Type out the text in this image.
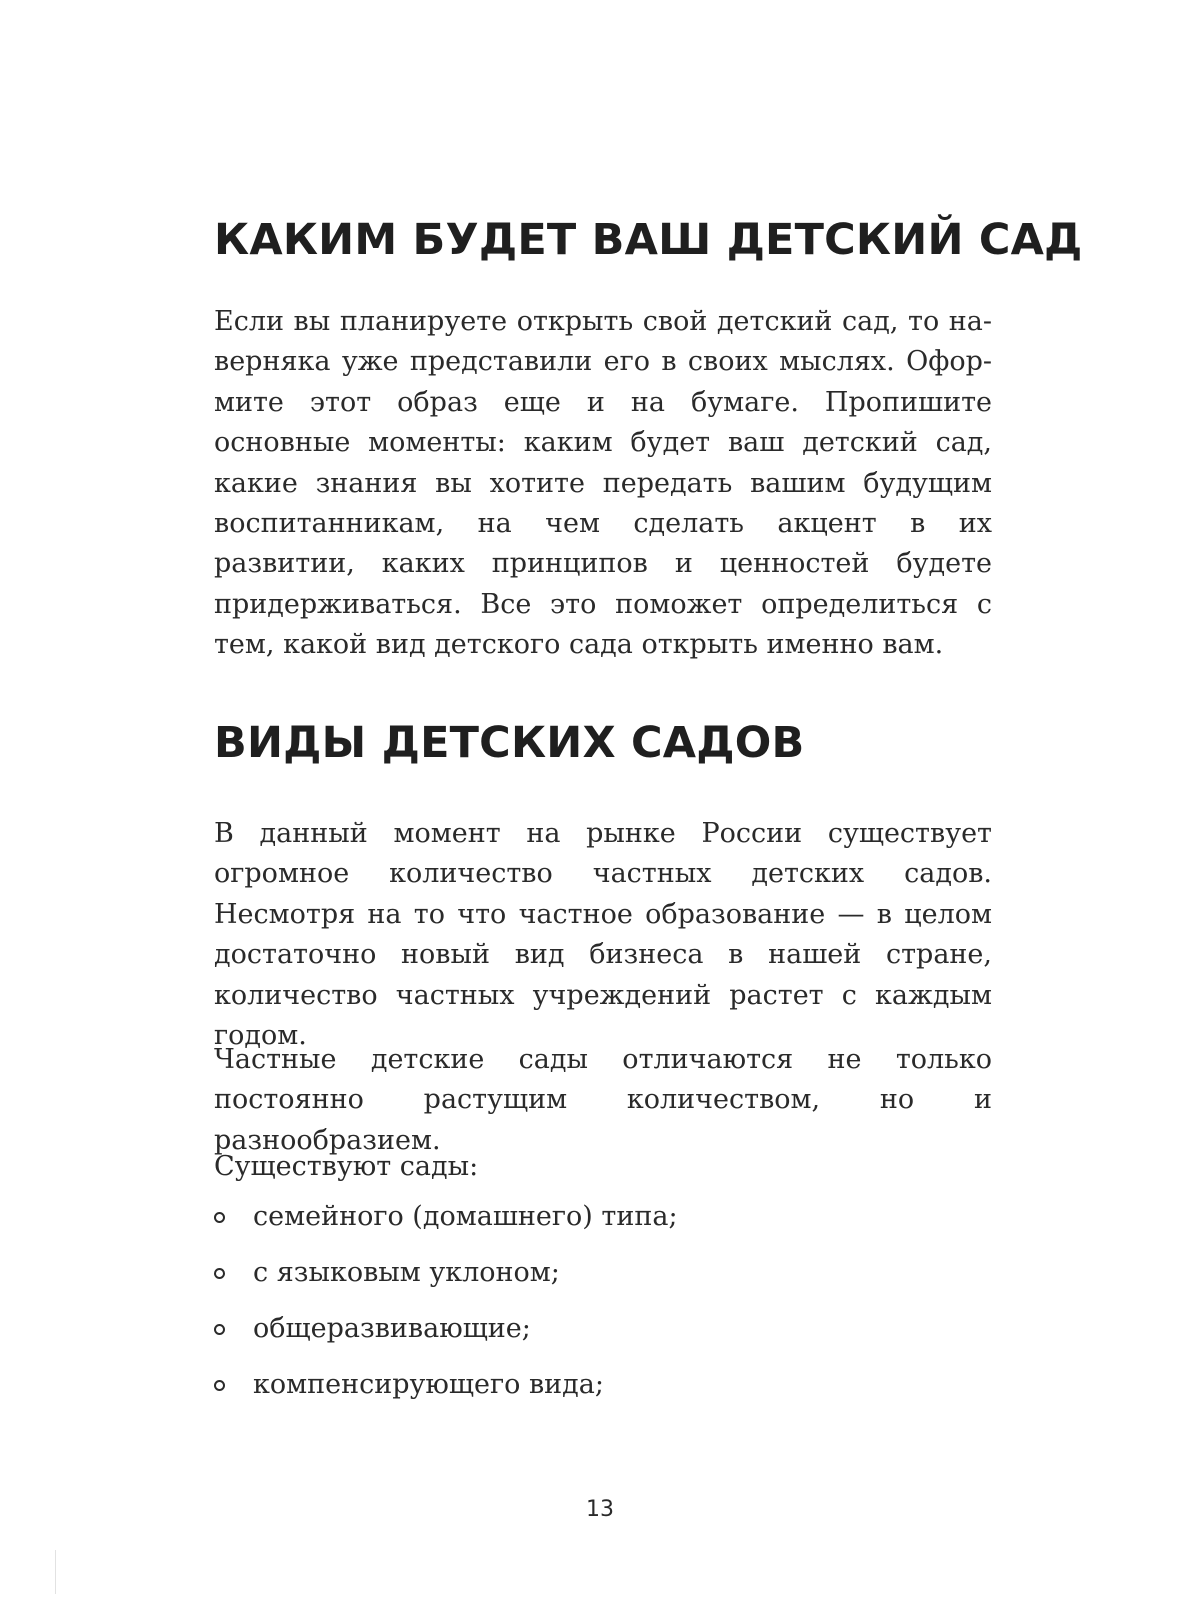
КАКИМ БУДЕТ ВАШ ДЕТСКИЙ САД

Если вы планируете открыть свой детский сад, то наверняка уже представили его в своих мыслях. Оформите этот образ еще и на бумаге. Пропишите основные моменты: каким будет ваш детский сад, какие знания вы хотите передать вашим будущим воспитанникам, на чем сделать акцент в их развитии, каких принципов и ценностей будете придерживаться. Все это поможет определиться с тем, какой вид детского сада открыть именно вам.

ВИДЫ ДЕТСКИХ САДОВ

В данный момент на рынке России существует огромное количество частных детских садов. Несмотря на то что частное образование — в целом достаточно новый вид бизнеса в нашей стране, количество частных учреждений растет с каждым годом.

Частные детские сады отличаются не только постоянно растущим количеством, но и разнообразием.

Существуют сады:

семейного (домашнего) типа;
с языковым уклоном;
общеразвивающие;
компенсирующего вида;
13
